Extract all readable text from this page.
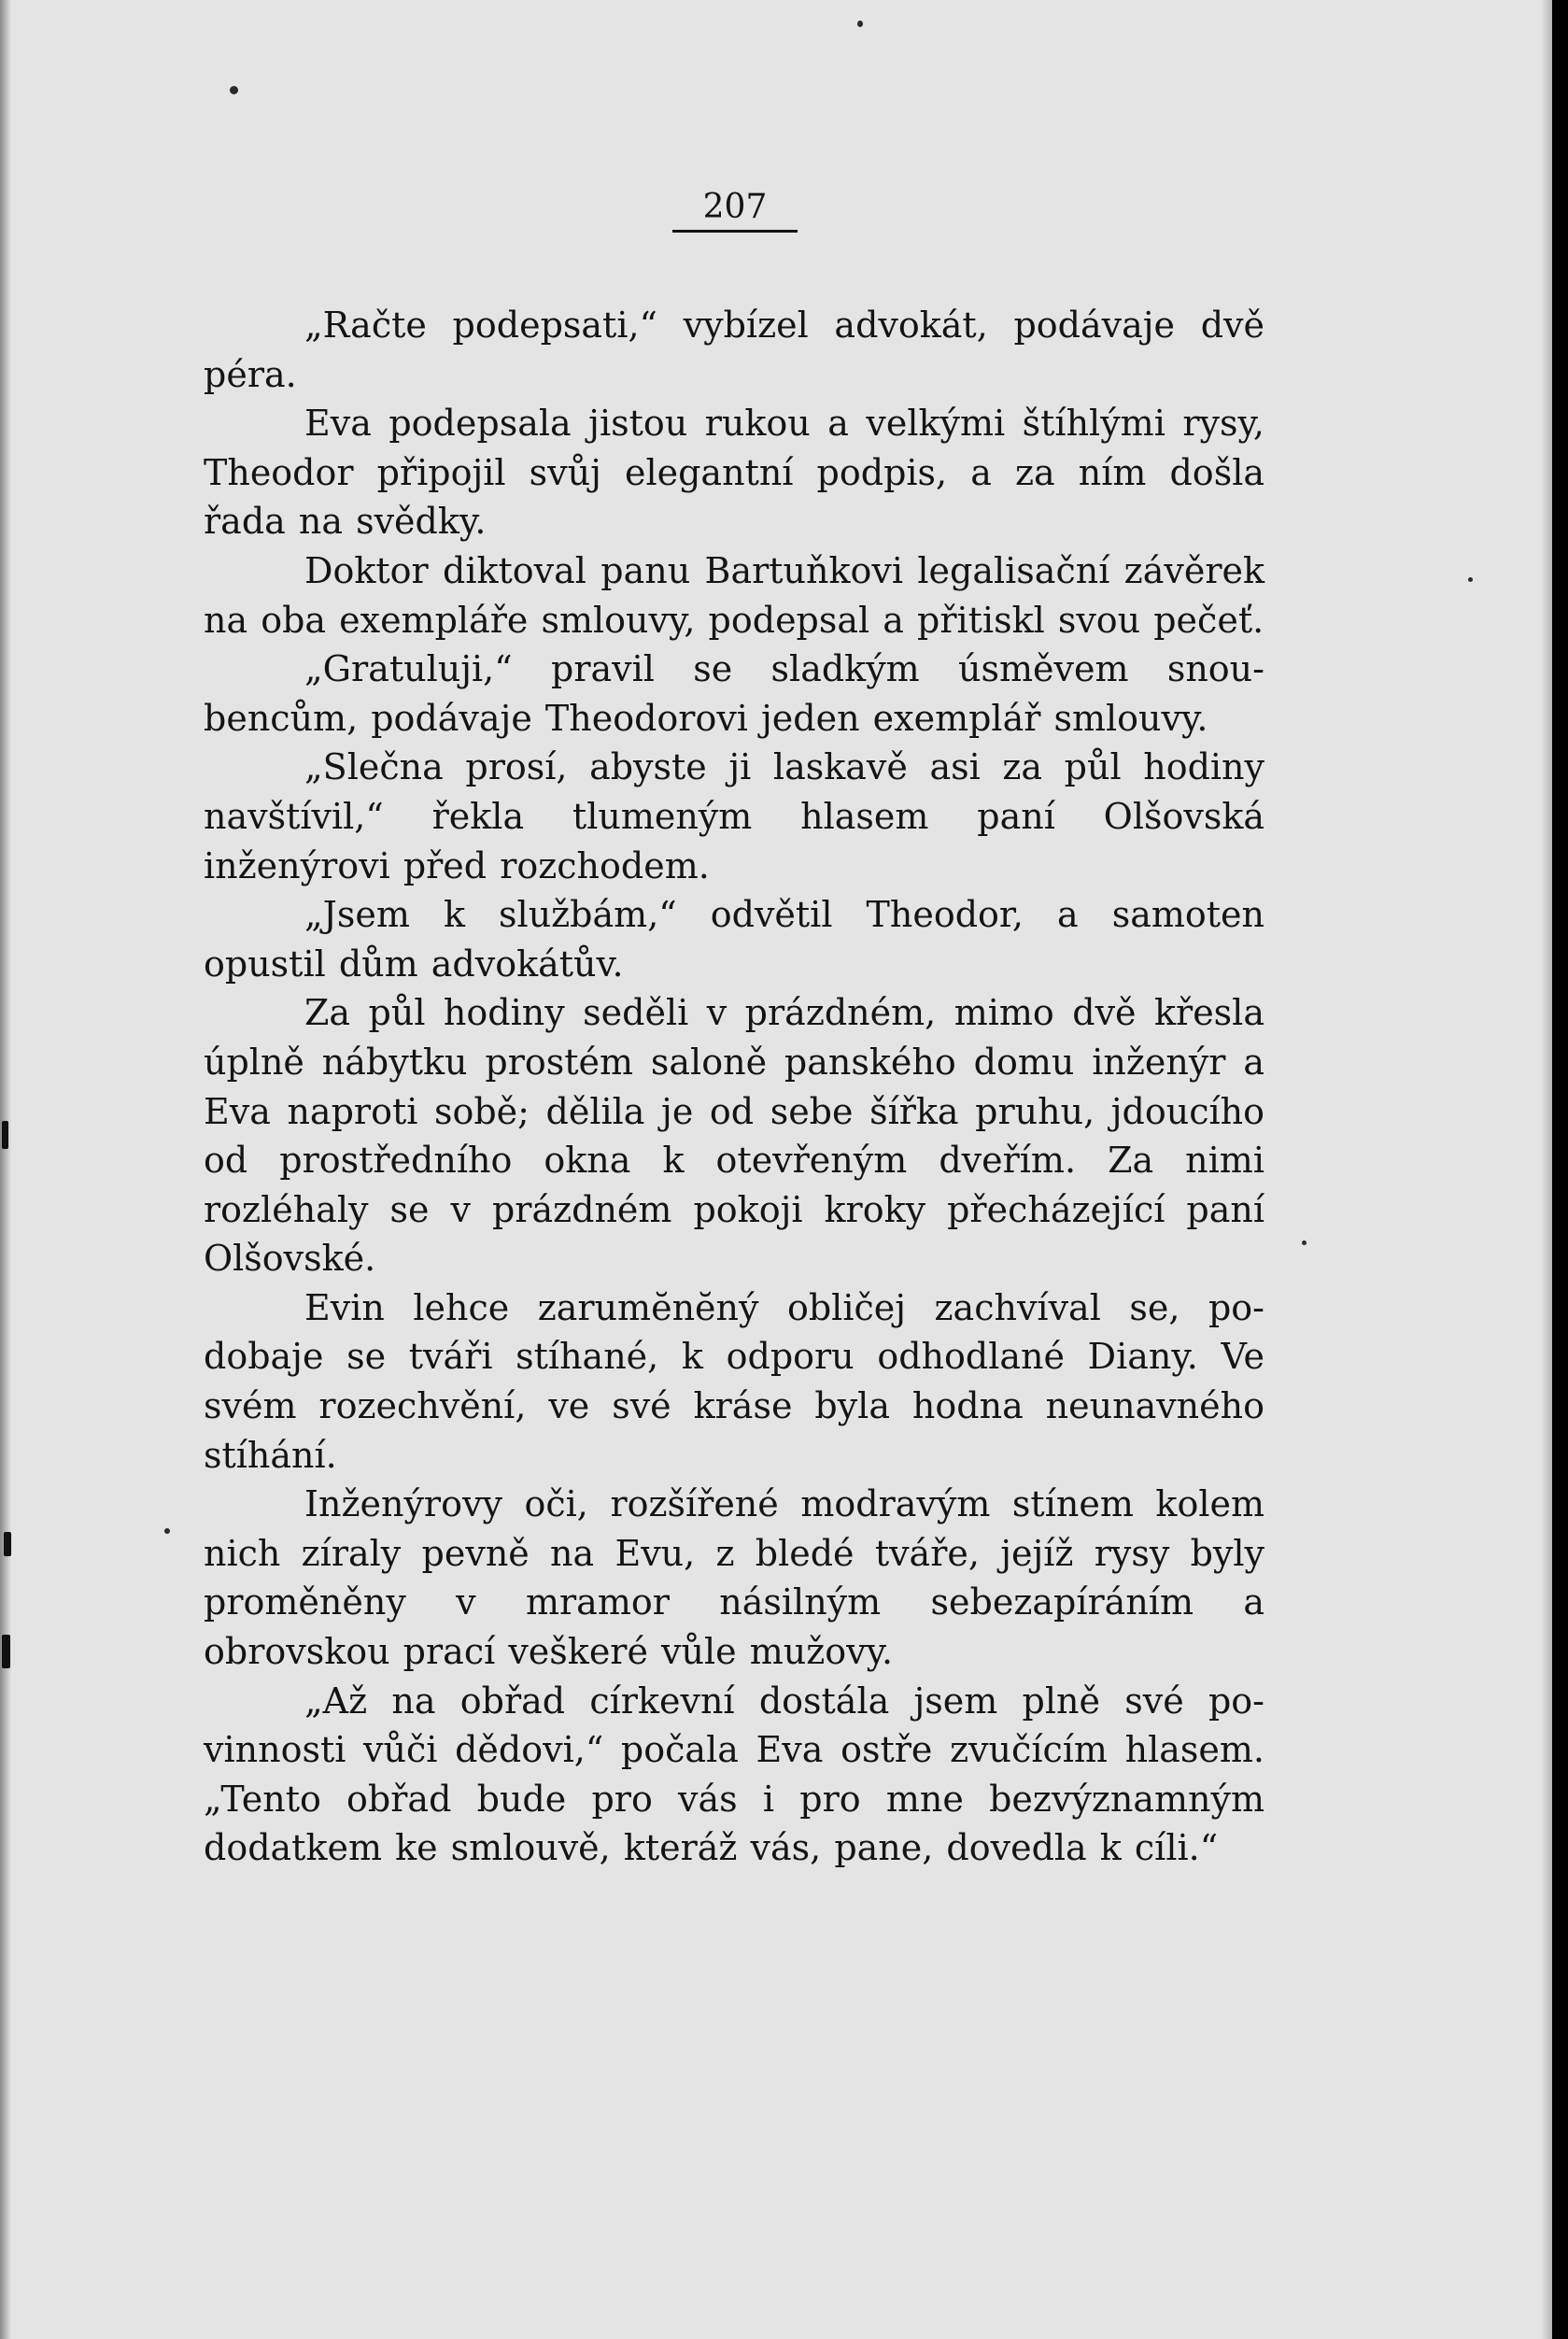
207

„Račte podepsati,“ vybízel advokát, podávaje dvě péra.

Eva podepsala jistou rukou a velkými štíhlými rysy, Theodor připojil svůj elegantní podpis, a za ním došla řada na svědky.

Doktor diktoval panu Bartuňkovi legalisační závěrek na oba exempláře smlouvy, podepsal a přitiskl svou pečeť.

„Gratuluji,“ pravil se sladkým úsměvem snoubencům, podávaje Theodorovi jeden exemplář smlouvy.

„Slečna prosí, abyste ji laskavě asi za půl hodiny navštívil,“ řekla tlumeným hlasem paní Olšovská inženýrovi před rozchodem.

„Jsem k službám,“ odvětil Theodor, a samoten opustil dům advokátův.

Za půl hodiny seděli v prázdném, mimo dvě křesla úplně nábytku prostém saloně panského domu inženýr a Eva naproti sobě; dělila je od sebe šířka pruhu, jdoucího od prostředního okna k otevřeným dveřím. Za nimi rozléhaly se v prázdném pokoji kroky přecházející paní Olšovské.

Evin lehce zarumĕnĕný obličej zachvíval se, podobaje se tváři stíhané, k odporu odhodlané Diany. Ve svém rozechvění, ve své kráse byla hodna neunavného stíhání.

Inženýrovy oči, rozšířené modravým stínem kolem nich zíraly pevně na Evu, z bledé tváře, jejíž rysy byly proměněny v mramor násilným sebezapíráním a obrovskou prací veškeré vůle mužovy.

„Až na obřad církevní dostála jsem plně své povinnosti vůči dědovi,“ počala Eva ostře zvučícím hlasem. „Tento obřad bude pro vás i pro mne bezvýznamným dodatkem ke smlouvě, kteráž vás, pane, dovedla k cíli.“
